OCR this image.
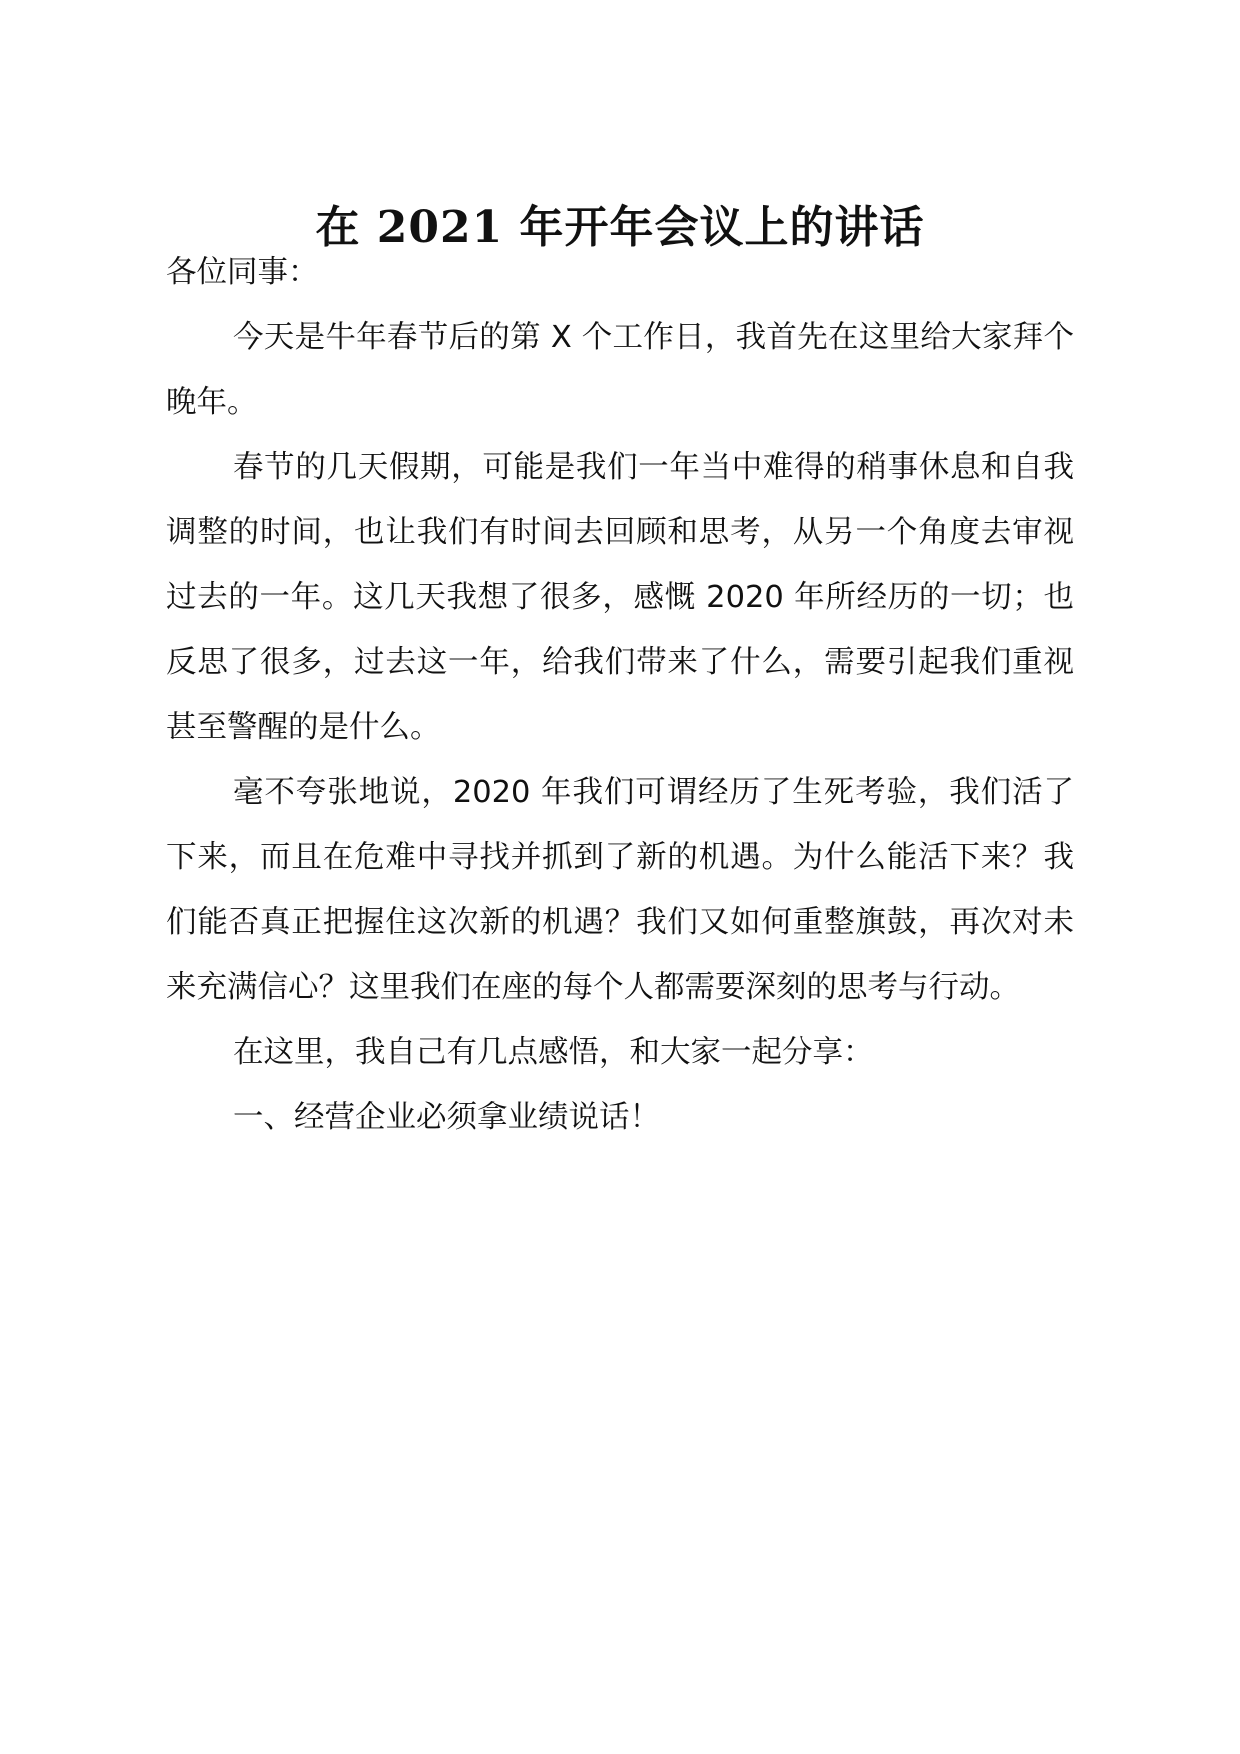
在 2021 年开年会议上的讲话

各位同事：

今天是牛年春节后的第 X 个工作日，我首先在这里给大家拜个晚年。

春节的几天假期，可能是我们一年当中难得的稍事休息和自我调整的时间，也让我们有时间去回顾和思考，从另一个角度去审视过去的一年。这几天我想了很多，感慨 2020 年所经历的一切；也反思了很多，过去这一年，给我们带来了什么，需要引起我们重视甚至警醒的是什么。

毫不夸张地说，2020 年我们可谓经历了生死考验，我们活了下来，而且在危难中寻找并抓到了新的机遇。为什么能活下来？我们能否真正把握住这次新的机遇？我们又如何重整旗鼓，再次对未来充满信心？这里我们在座的每个人都需要深刻的思考与行动。

在这里，我自己有几点感悟，和大家一起分享：

一、经营企业必须拿业绩说话！
